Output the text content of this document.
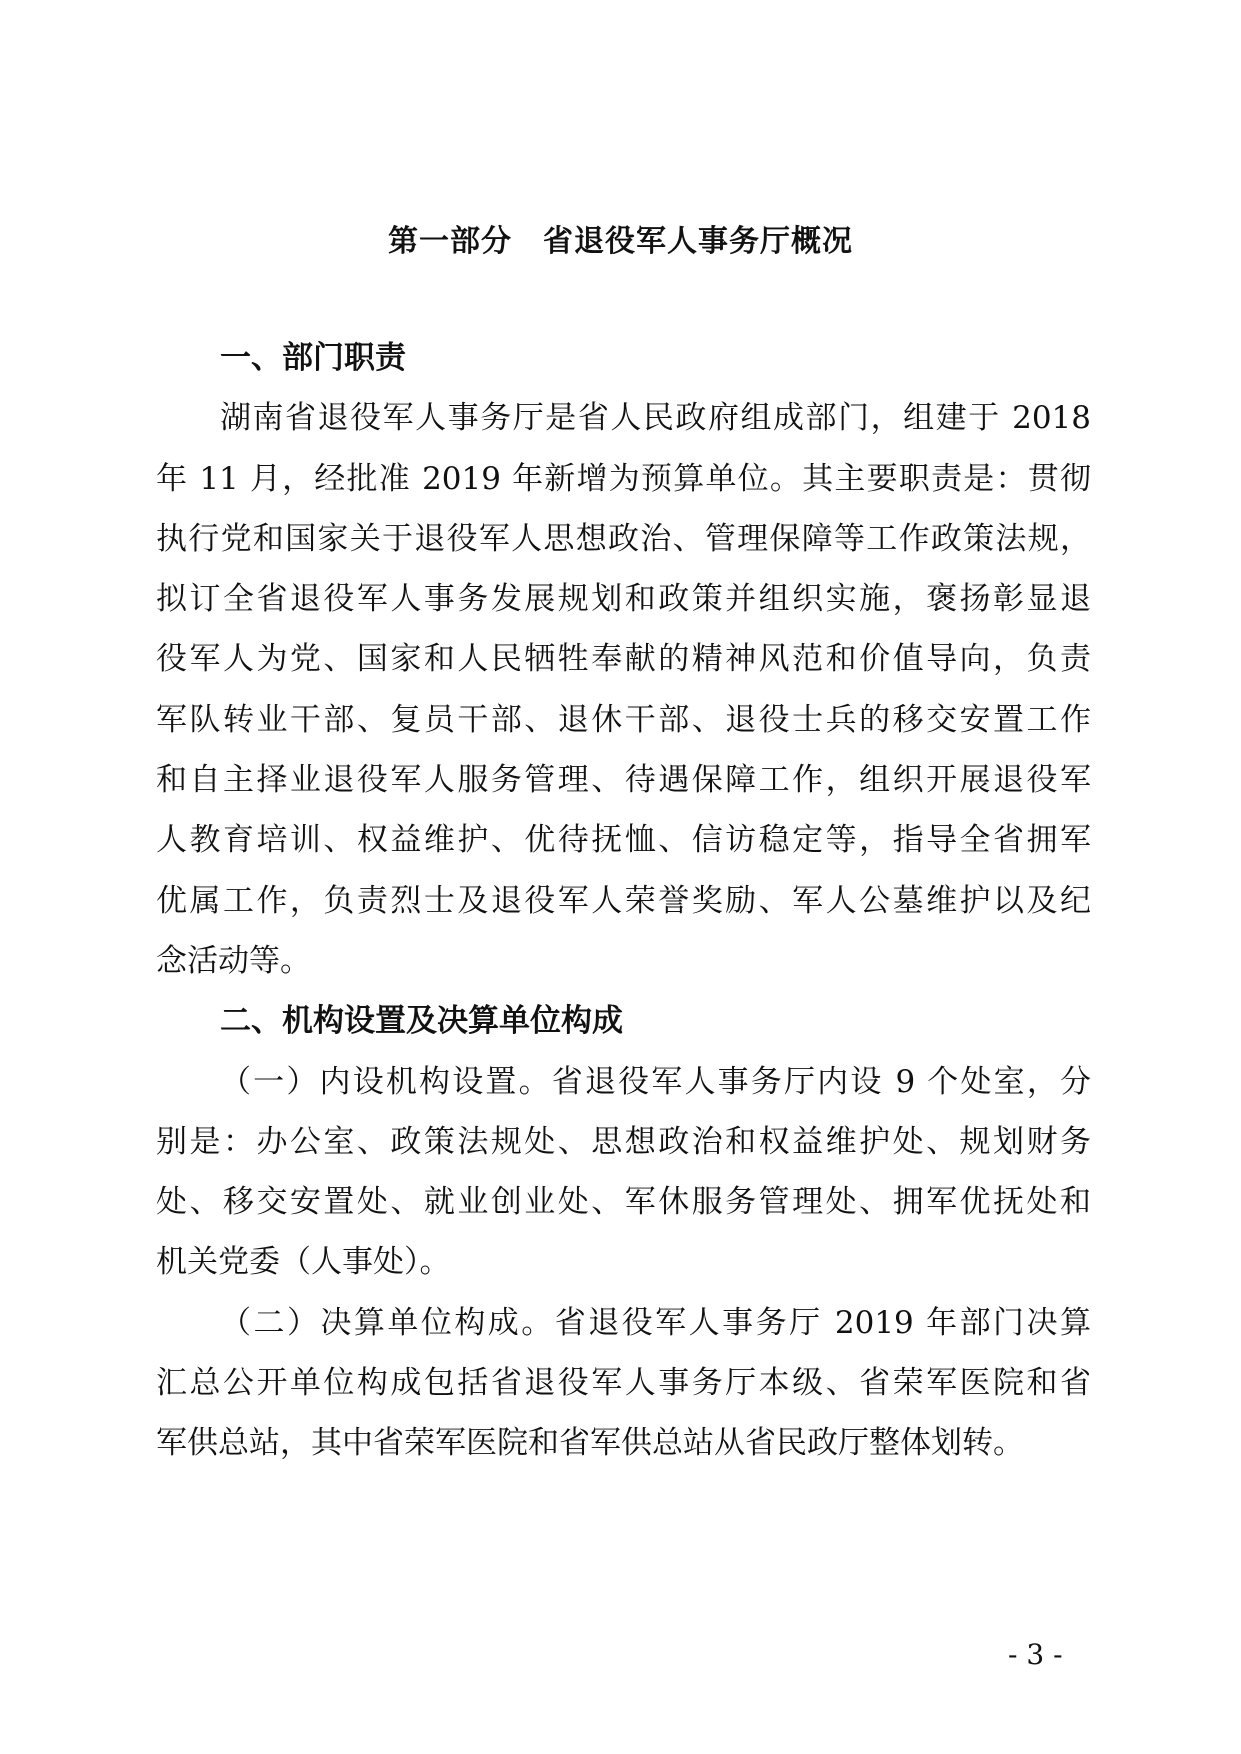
第一部分　省退役军人事务厅概况
一、部门职责
湖南省退役军人事务厅是省人民政府组成部门，组建于 2018
年 11 月，经批准 2019 年新增为预算单位。其主要职责是：贯彻
执行党和国家关于退役军人思想政治、管理保障等工作政策法规，
拟订全省退役军人事务发展规划和政策并组织实施，褒扬彰显退
役军人为党、国家和人民牺牲奉献的精神风范和价值导向，负责
军队转业干部、复员干部、退休干部、退役士兵的移交安置工作
和自主择业退役军人服务管理、待遇保障工作，组织开展退役军
人教育培训、权益维护、优待抚恤、信访稳定等，指导全省拥军
优属工作，负责烈士及退役军人荣誉奖励、军人公墓维护以及纪
念活动等。
二、机构设置及决算单位构成
（一）内设机构设置。省退役军人事务厅内设 9 个处室，分
别是：办公室、政策法规处、思想政治和权益维护处、规划财务
处、移交安置处、就业创业处、军休服务管理处、拥军优抚处和
机关党委（人事处）。
（二）决算单位构成。省退役军人事务厅 2019 年部门决算
汇总公开单位构成包括省退役军人事务厅本级、省荣军医院和省
军供总站，其中省荣军医院和省军供总站从省民政厅整体划转。
- 3 -
